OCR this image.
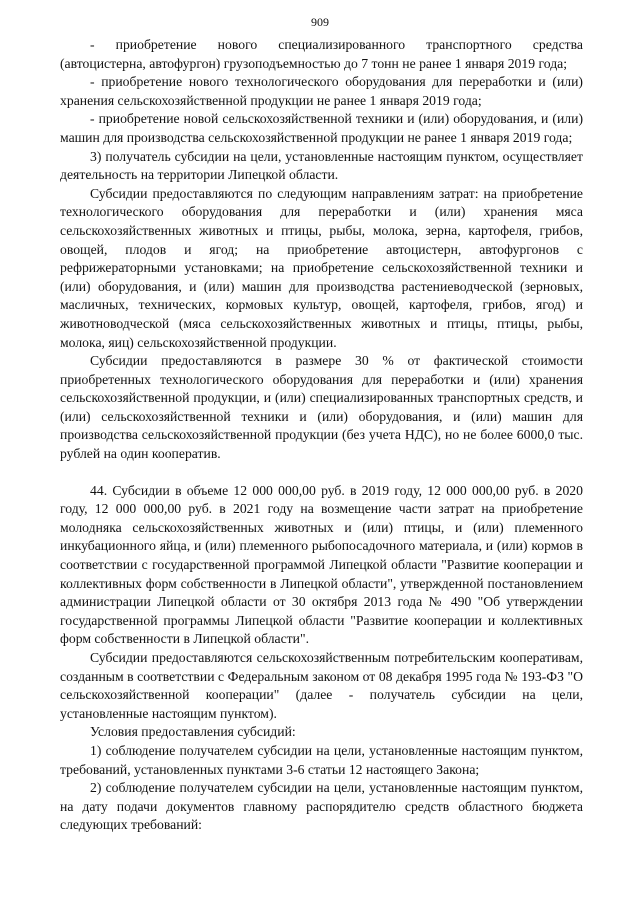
909

- приобретение нового специализированного транспортного средства (автоцистерна, автофургон) грузоподъемностью до 7 тонн не ранее 1 января 2019 года;

- приобретение нового технологического оборудования для переработки и (или) хранения сельскохозяйственной продукции не ранее 1 января 2019 года;

- приобретение новой сельскохозяйственной техники и (или) оборудования, и (или) машин для производства сельскохозяйственной продукции не ранее 1 января 2019 года;

3) получатель субсидии на цели, установленные настоящим пунктом, осуществляет деятельность на территории Липецкой области.

Субсидии предоставляются по следующим направлениям затрат: на приобретение технологического оборудования для переработки и (или) хранения мяса сельскохозяйственных животных и птицы, рыбы, молока, зерна, картофеля, грибов, овощей, плодов и ягод; на приобретение автоцистерн, автофургонов с рефрижераторными установками; на приобретение сельскохозяйственной техники и (или) оборудования, и (или) машин для производства растениеводческой (зерновых, масличных, технических, кормовых культур, овощей, картофеля, грибов, ягод) и животноводческой (мяса сельскохозяйственных животных и птицы, птицы, рыбы, молока, яиц) сельскохозяйственной продукции.

Субсидии предоставляются в размере 30 % от фактической стоимости приобретенных технологического оборудования для переработки и (или) хранения сельскохозяйственной продукции, и (или) специализированных транспортных средств, и (или) сельскохозяйственной техники и (или) оборудования, и (или) машин для производства сельскохозяйственной продукции (без учета НДС), но не более 6000,0 тыс. рублей на один кооператив.

44. Субсидии в объеме 12 000 000,00 руб. в 2019 году, 12 000 000,00 руб. в 2020 году, 12 000 000,00 руб. в 2021 году на возмещение части затрат на приобретение молодняка сельскохозяйственных животных и (или) птицы, и (или) племенного инкубационного яйца, и (или) племенного рыбопосадочного материала, и (или) кормов в соответствии с государственной программой Липецкой области "Развитие кооперации и коллективных форм собственности в Липецкой области", утвержденной постановлением администрации Липецкой области от 30 октября 2013 года № 490 "Об утверждении государственной программы Липецкой области "Развитие кооперации и коллективных форм собственности в Липецкой области".

Субсидии предоставляются сельскохозяйственным потребительским кооперативам, созданным в соответствии с Федеральным законом от 08 декабря 1995 года № 193-ФЗ "О сельскохозяйственной кооперации" (далее - получатель субсидии на цели, установленные настоящим пунктом).

Условия предоставления субсидий:

1) соблюдение получателем субсидии на цели, установленные настоящим пунктом, требований, установленных пунктами 3-6 статьи 12 настоящего Закона;

2) соблюдение получателем субсидии на цели, установленные настоящим пунктом, на дату подачи документов главному распорядителю средств областного бюджета следующих требований:
